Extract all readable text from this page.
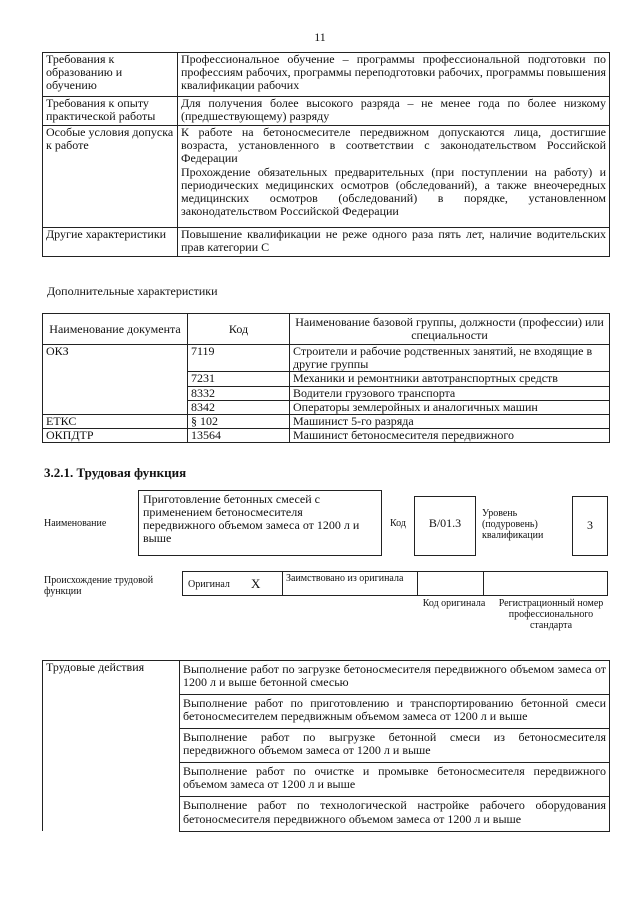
11
Требования к образованию и обучению	Профессиональное обучение – программы профессиональной подготовки по профессиям рабочих, программы переподготовки рабочих, программы повышения квалификации рабочих
Требования к опыту практической работы	Для получения более высокого разряда – не менее года по более низкому (предшествующему) разряду
Особые условия допуска к работе	К работе на бетоносмесителе передвижном допускаются лица, достигшие возраста, установленного в соответствии с законодательством Российской Федерации
Прохождение обязательных предварительных (при поступлении на работу) и периодических медицинских осмотров (обследований), а также внеочередных медицинских осмотров (обследований) в порядке, установленном законодательством Российской Федерации

Другие характеристики	Повышение квалификации не реже одного раза пять лет, наличие водительских прав категории С
Дополнительные характеристики
Наименование документа	Код	Наименование базовой группы, должности (профессии) или специальности
ОКЗ	7119	Строители и рабочие родственных занятий, не входящие в другие группы
	7231	Механики и ремонтники автотранспортных средств
	8332	Водители грузового транспорта
	8342	Операторы землеройных и аналогичных машин
ЕТКС	§ 102	Машинист 5-го разряда
ОКПДТР	13564	Машинист бетоносмесителя передвижного
3.2.1. Трудовая функция
Наименование
Приготовление бетонных смесей с применением бетоносмесителя передвижного объемом замеса от 1200 л и выше
Код	В/01.3
Уровень (подуровень) квалификации
3
Происхождение трудовой функции
Оригинал X	Заимствовано из оригинала
Код оригинала	Регистрационный номер профессионального стандарта
Трудовые действия	Выполнение работ по загрузке бетоносмесителя передвижного объемом замеса от 1200 л и выше бетонной смесью
Выполнение работ по приготовлению и транспортированию бетонной смеси бетоносмесителем передвижным объемом замеса от 1200 л и выше
Выполнение работ по выгрузке бетонной смеси из бетоносмесителя передвижного объемом замеса от 1200 л и выше
Выполнение работ по очистке и промывке бетоносмесителя передвижного объемом замеса от 1200 л и выше
Выполнение работ по технологической настройке рабочего оборудования бетоносмесителя передвижного объемом замеса от 1200 л и выше
